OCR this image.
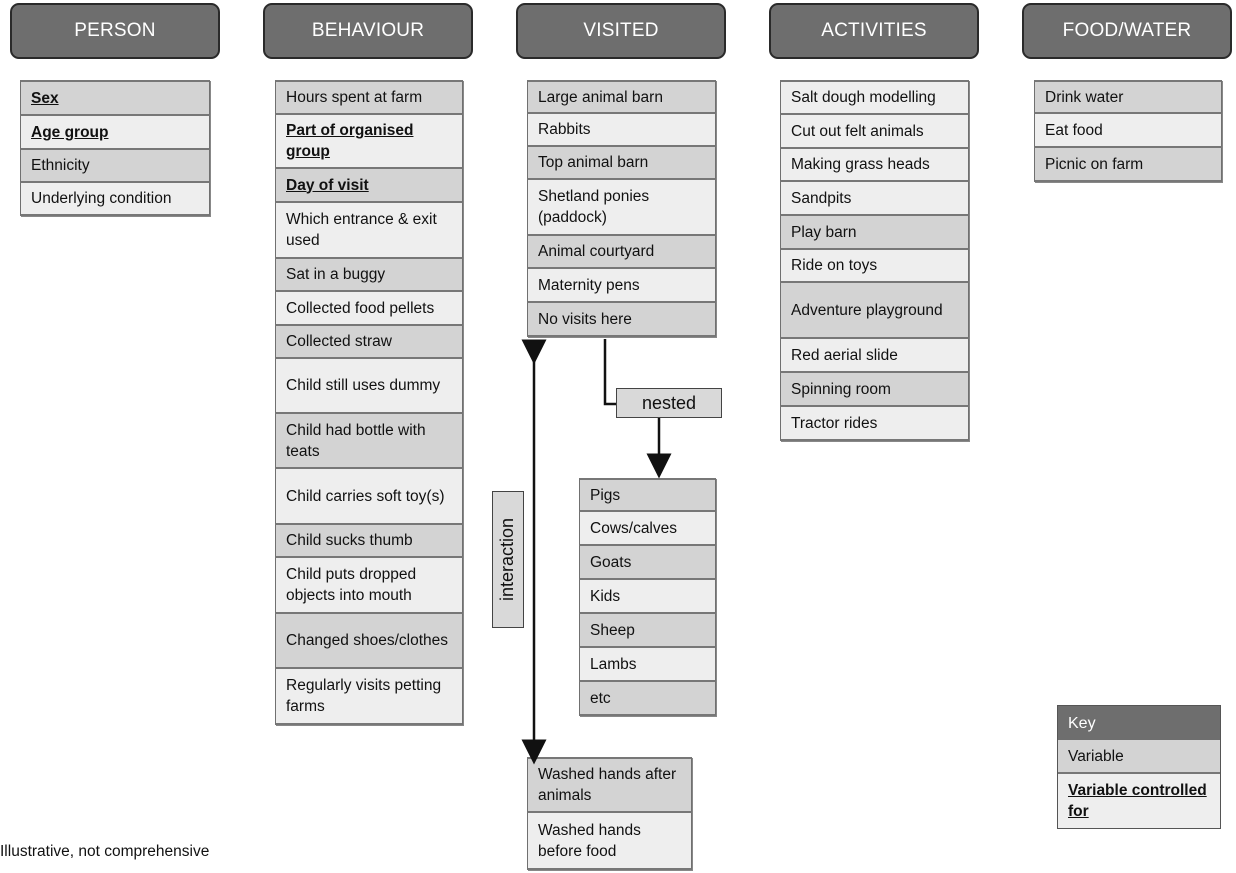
PERSON	BEHAVIOUR	VISITED	ACTIVITIES	FOOD/WATER
Sex
Age group
Ethnicity
Underlying condition
Hours spent at farm
Part of organised group
Day of visit
Which entrance & exit used
Sat in a buggy
Collected food pellets
Collected straw
Child still uses dummy
Child had bottle with teats
Child carries soft toy(s)
Child sucks thumb
Child puts dropped objects into mouth
Changed shoes/clothes
Regularly visits petting farms
Large animal barn
Rabbits
Top animal barn
Shetland ponies (paddock)
Animal courtyard
Maternity pens
No visits here
Pigs
Cows/calves
Goats
Kids
Sheep
Lambs
etc
Washed hands after animals
Washed hands before food
Salt dough modelling
Cut out felt animals
Making grass heads
Sandpits
Play barn
Ride on toys
Adventure playground
Red aerial slide
Spinning room
Tractor rides
Drink water
Eat food
Picnic on farm
nested
interaction
Key
Variable
Variable controlled for
Illustrative, not comprehensive
